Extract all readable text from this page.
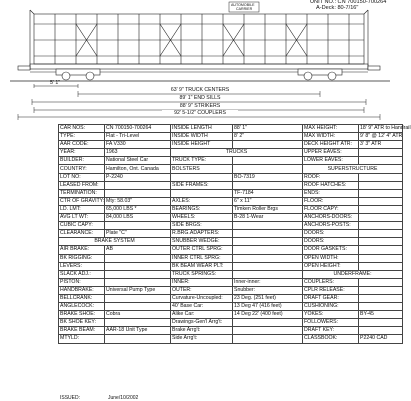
UNIT NO.: CN 700150-700264
A-Deck: 80-7/16"
AUTOMOBILE
CARRIER
5' 1"
63' 9" TRUCK CENTERS
89' 1" END SILLS
88' 9" STRIKERS
92' 5-1/2" COUPLERS
CAR NOS:	CN 700150-700264	INSIDE LENGTH	88' 1"	MAX HEIGHT:	18' 9" ATR to Handrail
TYPE:	Flat - Tri-Level	INSIDE WIDTH	8' 2"	MAX WIDTH:	9' 8" @ 12' 4" ATR
AAR CODE:	FA V330	INSIDE HEIGHT		DECK HEIGHT ATR:	3' 3" ATR
YEAR:	1963	TRUCKS		UPPER EAVES:	
BUILDER:	National Steel Car	TRUCK TYPE:		LOWER EAVES:	
COUNTRY:	Hamilton, Ont. Canada	BOLSTERS		SUPERSTRUCTURE	
LOT NO:	P-2240		BO-7319	ROOF:	
LEASED FROM:		SIDE FRAMES:		ROOF HATCHES:	
TERMINATION:			TF-7184	ENDS:	
CTR OF GRAVITY:	Mty: 58.03"	AXLES:	6" x 11"	FLOOR:	
LD. LMT:	65,000 LBS *	BEARINGS:	Timken Roller Brgs	FLOOR CAPY:	
AVG LT WT:	84,000 LBS	WHEELS:	B-28 1-Wear	ANCHORS-DOORS:	
CUBIC CAPY:		SIDE BRGS:		ANCHORS-POSTS:	
CLEARANCE:	Plate "C"	R.BRG.ADAPTERS:		DOORS:	
BRAKE SYSTEM		SNUBBER WEDGE:		DOORS:	
AIR BRAKE:	AB	OUTER CTRL SPRG:		DOOR GASKETS:	
BK RIGGING:		INNER CTRL SPRG:		OPEN WIDTH:	
LEVERS:		BK BEAM WEAR PLT:		OPEN HEIGHT:	
SLACK ADJ.:		TRUCK SPRINGS:		UNDERFRAME:	
PISTON:		INNER:	Inner-inner:	COUPLERS:	
HANDBRAKE:	Universal Pump Type	OUTER:	Snubber:	CPLR RELEASE:	
BELLCRANK:		Curvature-Uncoupled:	23 Deg. (251 feet)	DRAFT GEAR:	
ANGLECOCK:		40' Base Car:	13 Deg 47 (416 feet)	CUSHIONING:	
BRAKE SHOE:	Cobra	Alike Car:	14 Deg 22' (400 feet)	YOKES:	BY-45
BK SHOE KEY:		Drawings-Gen'l Arrg't:		FOLLOWERS:	
BRAKE BEAM:	AAR-18 Unit Type	Brake Arrg't:		DRAFT KEY:	
MTYLD:		Side Arrg't:		CLASSBOOK:	P2240 CAD
ISSUED:	June/10/2002
